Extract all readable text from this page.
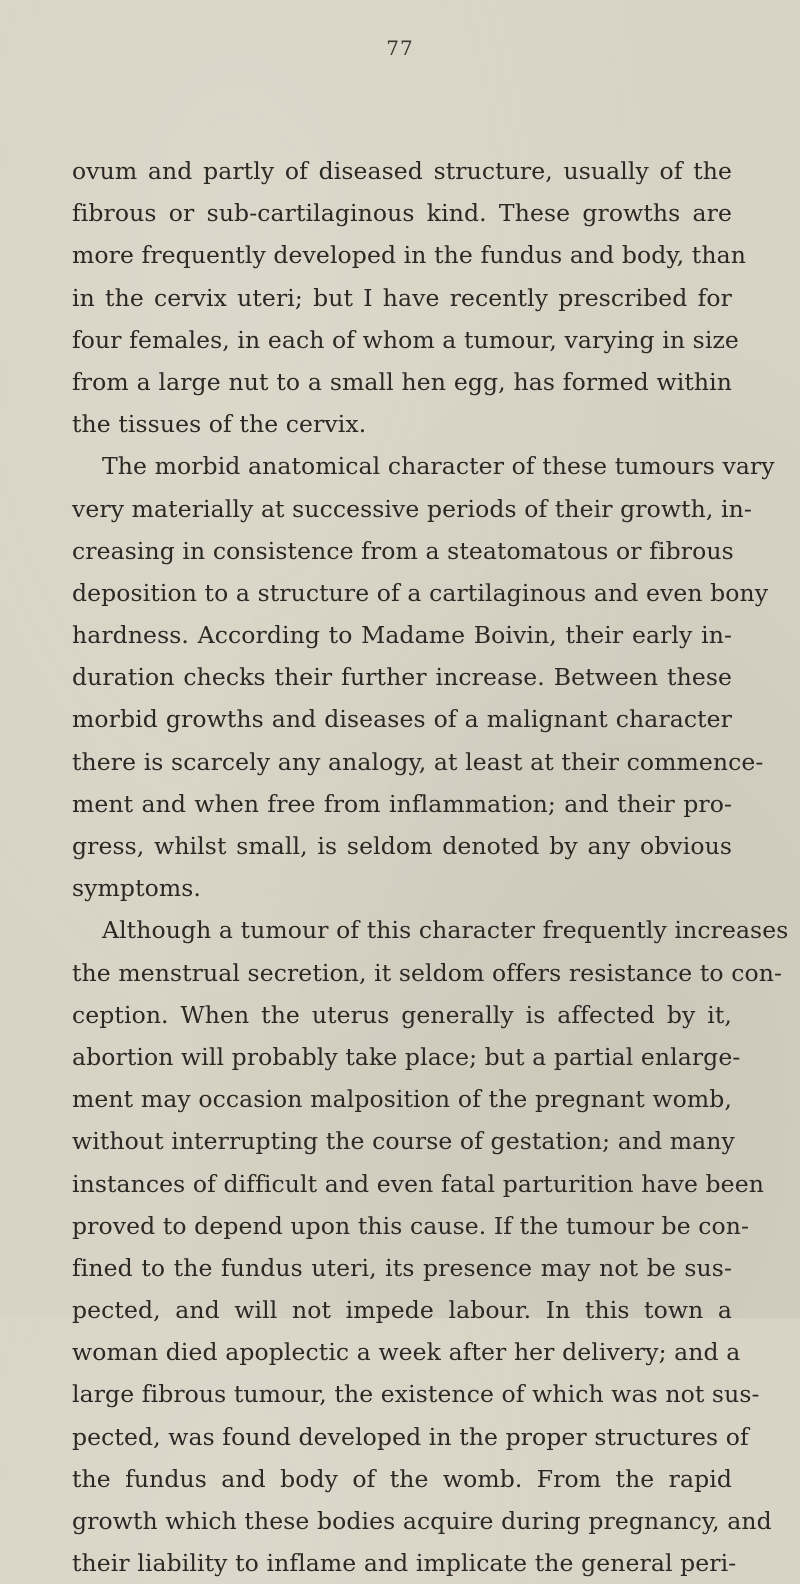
77
ovum and partly of diseased structure, usually of the
fibrous or sub-cartilaginous kind. These growths are
more frequently developed in the fundus and body, than
in the cervix uteri; but I have recently prescribed for
four females, in each of whom a tumour, varying in size
from a large nut to a small hen egg, has formed within
the tissues of the cervix.
The morbid anatomical character of these tumours vary
very materially at successive periods of their growth, in-
creasing in consistence from a steatomatous or fibrous
deposition to a structure of a cartilaginous and even bony
hardness. According to Madame Boivin, their early in-
duration checks their further increase. Between these
morbid growths and diseases of a malignant character
there is scarcely any analogy, at least at their commence-
ment and when free from inflammation; and their pro-
gress, whilst small, is seldom denoted by any obvious
symptoms.
Although a tumour of this character frequently increases
the menstrual secretion, it seldom offers resistance to con-
ception. When the uterus generally is affected by it,
abortion will probably take place; but a partial enlarge-
ment may occasion malposition of the pregnant womb,
without interrupting the course of gestation; and many
instances of difficult and even fatal parturition have been
proved to depend upon this cause. If the tumour be con-
fined to the fundus uteri, its presence may not be sus-
pected, and will not impede labour. In this town a
woman died apoplectic a week after her delivery; and a
large fibrous tumour, the existence of which was not sus-
pected, was found developed in the proper structures of
the fundus and body of the womb. From the rapid
growth which these bodies acquire during pregnancy, and
their liability to inflame and implicate the general peri-
